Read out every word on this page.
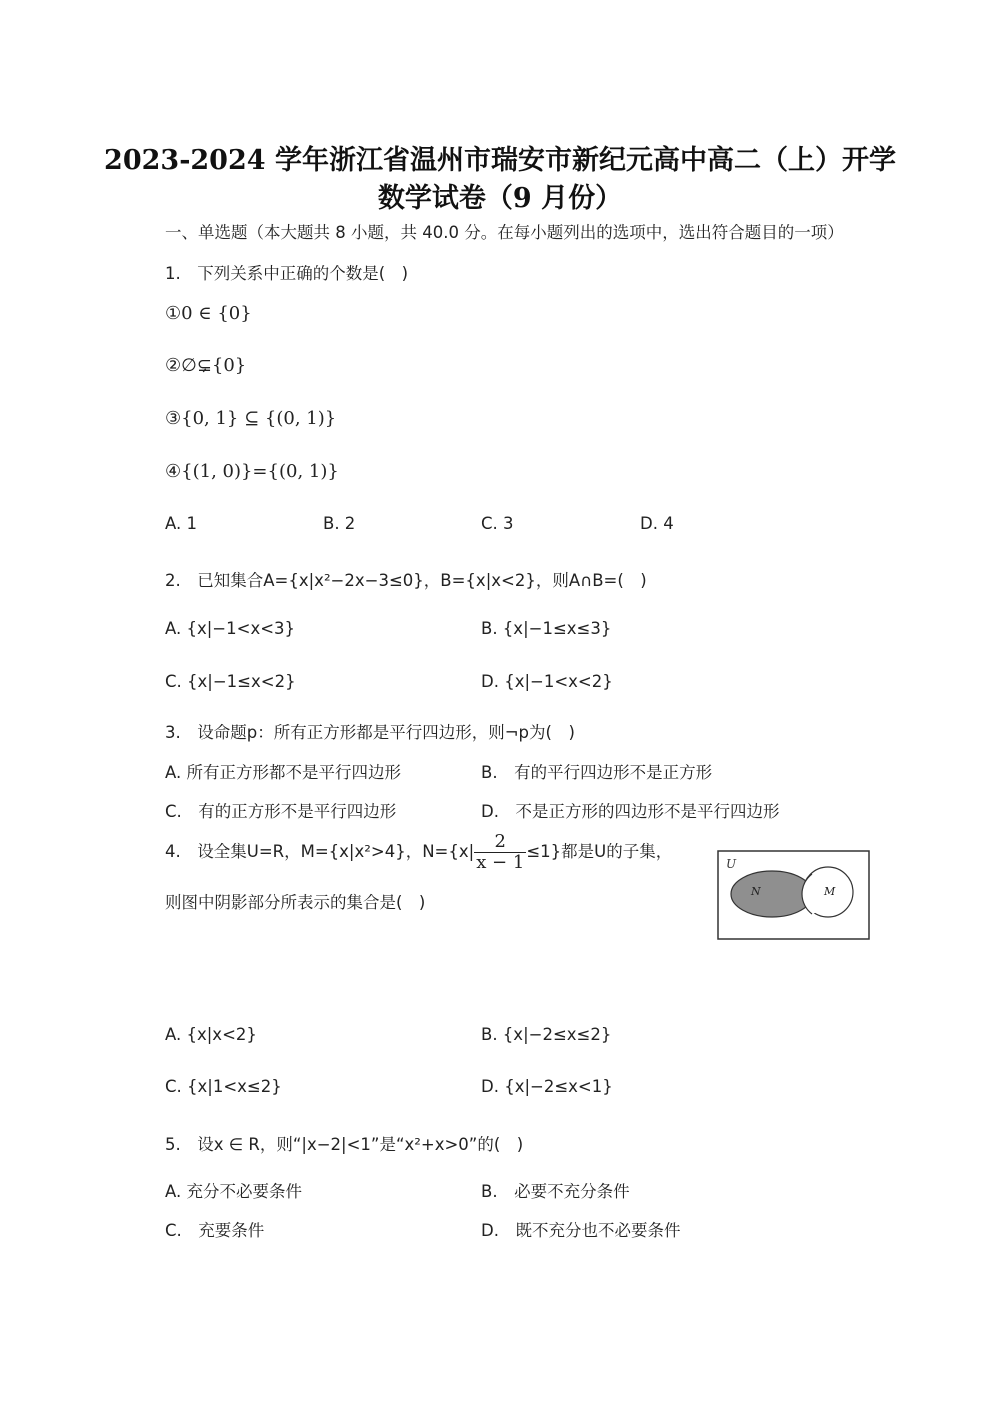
2023-2024 学年浙江省温州市瑞安市新纪元高中高二（上）开学
数学试卷（9 月份）
一、单选题（本大题共 8 小题，共 40.0 分。在每小题列出的选项中，选出符合题目的一项）
1.　下列关系中正确的个数是(　)
①0 ∈ {0}
②∅⊊{0}
③{0, 1} ⊆ {(0, 1)}
④{(1, 0)}={(0, 1)}
A. 1	B. 2	C. 3	D. 4
2.　已知集合A={x|x²−2x−3≤0}，B={x|x<2}，则A∩B=(　)
A. {x|−1<x<3}	B. {x|−1≤x≤3}
C. {x|−1≤x<2}	D. {x|−1<x<2}
3.　设命题p：所有正方形都是平行四边形，则¬p为(　)
A. 所有正方形都不是平行四边形	B.　有的平行四边形不是正方形
C.　有的正方形不是平行四边形	D.　不是正方形的四边形不是平行四边形
4.　设全集U=R，M={x|x²>4}，$N=\{x| \frac{2}{x - 1} \le 1\}$都是U的子集，
则图中阴影部分所表示的集合是(　)
U
N	M
A. {x|x<2}	B. {x|−2≤x≤2}
C. {x|1<x≤2}	D. {x|−2≤x<1}
5.　设x ∈ R，则“|x−2|<1”是“x²+x>0”的(　)
A. 充分不必要条件	B.　必要不充分条件
C.　充要条件	D.　既不充分也不必要条件
